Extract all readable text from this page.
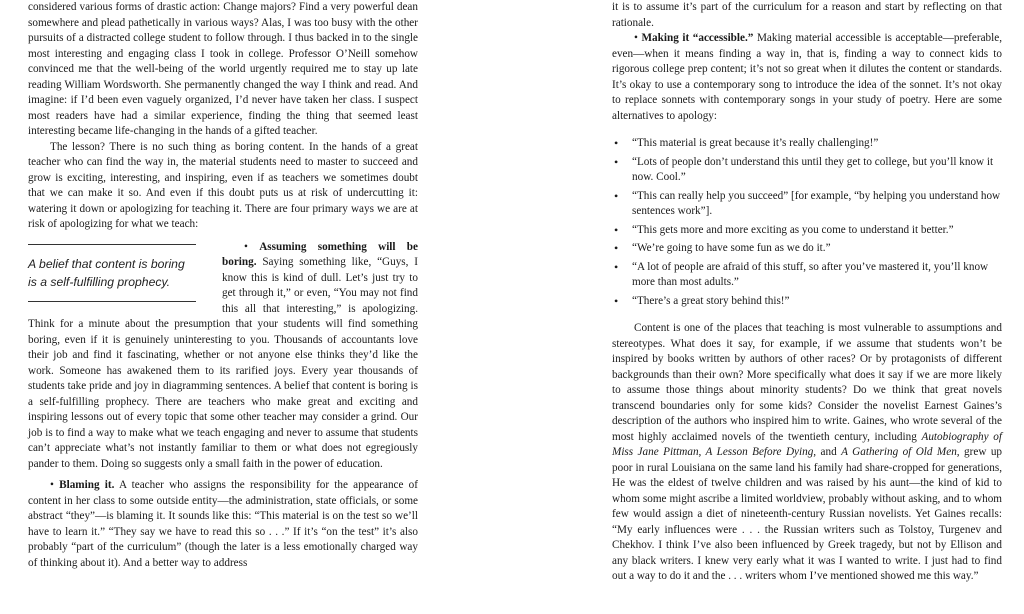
considered various forms of drastic action: Change majors? Find a very powerful dean somewhere and plead pathetically in various ways? Alas, I was too busy with the other pursuits of a distracted college student to follow through. I thus backed in to the single most interesting and engaging class I took in college. Professor O’Neill somehow convinced me that the well-being of the world urgently required me to stay up late reading William Wordsworth. She permanently changed the way I think and read. And imagine: if I’d been even vaguely organized, I’d never have taken her class. I suspect most readers have had a similar experience, finding the thing that seemed least interesting became life-changing in the hands of a gifted teacher.

The lesson? There is no such thing as boring content. In the hands of a great teacher who can find the way in, the material students need to master to succeed and grow is exciting, interesting, and inspiring, even if as teachers we sometimes doubt that we can make it so. And even if this doubt puts us at risk of undercutting it: watering it down or apologizing for teaching it. There are four primary ways we are at risk of apologizing for what we teach:

A belief that content is boring is a self-fulfilling prophecy.

• Assuming something will be boring. Saying something like, “Guys, I know this is kind of dull. Let’s just try to get through it,” or even, “You may not find this all that interesting,” is apologizing. Think for a minute about the presumption that your students will find something boring, even if it is genuinely uninteresting to you. Thousands of accountants love their job and find it fascinating, whether or not anyone else thinks they’d like the work. Someone has awakened them to its rarified joys. Every year thousands of students take pride and joy in diagramming sentences. A belief that content is boring is a self-fulfilling prophecy. There are teachers who make great and exciting and inspiring lessons out of every topic that some other teacher may consider a grind. Our job is to find a way to make what we teach engaging and never to assume that students can’t appreciate what’s not instantly familiar to them or what does not egregiously pander to them. Doing so suggests only a small faith in the power of education.

• Blaming it. A teacher who assigns the responsibility for the appearance of content in her class to some outside entity—the administration, state officials, or some abstract “they”—is blaming it. It sounds like this: “This material is on the test so we’ll have to learn it.” “They say we have to read this so . . .” If it’s “on the test” it’s also probably “part of the curriculum” (though the later is a less emotionally charged way of thinking about it). And a better way to address

it is to assume it’s part of the curriculum for a reason and start by reflecting on that rationale.

• Making it “accessible.” Making material accessible is acceptable—preferable, even—when it means finding a way in, that is, finding a way to connect kids to rigorous college prep content; it’s not so great when it dilutes the content or standards. It’s okay to use a contemporary song to introduce the idea of the sonnet. It’s not okay to replace sonnets with contemporary songs in your study of poetry. Here are some alternatives to apology:

• “This material is great because it’s really challenging!”
• “Lots of people don’t understand this until they get to college, but you’ll know it now. Cool.”
• “This can really help you succeed” [for example, “by helping you understand how sentences work”].
• “This gets more and more exciting as you come to understand it better.”
• “We’re going to have some fun as we do it.”
• “A lot of people are afraid of this stuff, so after you’ve mastered it, you’ll know more than most adults.”
• “There’s a great story behind this!”

Content is one of the places that teaching is most vulnerable to assumptions and stereotypes. What does it say, for example, if we assume that students won’t be inspired by books written by authors of other races? Or by protagonists of different backgrounds than their own? More specifically what does it say if we are more likely to assume those things about minority students? Do we think that great novels transcend boundaries only for some kids? Consider the novelist Earnest Gaines’s description of the authors who inspired him to write. Gaines, who wrote several of the most highly acclaimed novels of the twentieth century, including Autobiography of Miss Jane Pittman, A Lesson Before Dying, and A Gathering of Old Men, grew up poor in rural Louisiana on the same land his family had share-cropped for generations, He was the eldest of twelve children and was raised by his aunt—the kind of kid to whom some might ascribe a limited worldview, probably without asking, and to whom few would assign a diet of nineteenth-century Russian novelists. Yet Gaines recalls: “My early influences were . . . the Russian writers such as Tolstoy, Turgenev and Chekhov. I think I’ve also been influenced by Greek tragedy, but not by Ellison and any black writers. I knew very early what it was I wanted to write. I just had to find out a way to do it and the . . . writers whom I’ve mentioned showed me this way.”
